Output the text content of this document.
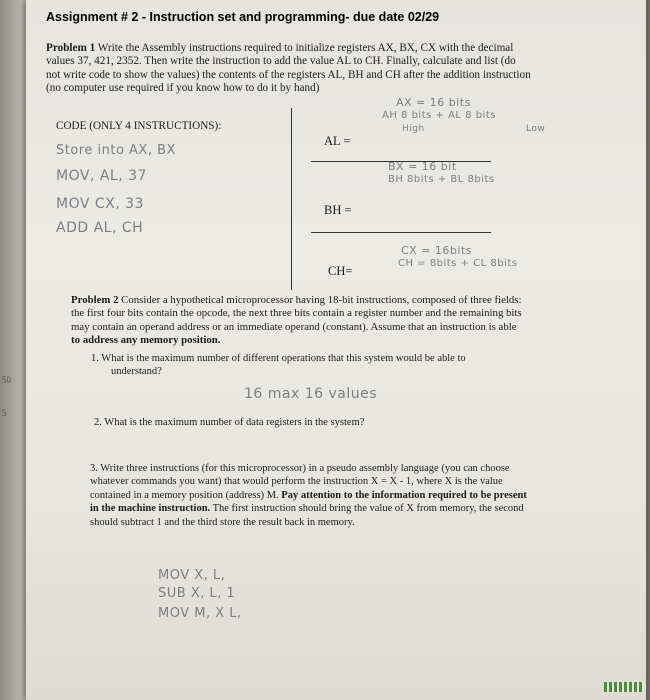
50
5
Assignment # 2 - Instruction set and programming- due date 02/29
Problem 1 Write the Assembly instructions required to initialize registers AX, BX, CX with the decimal
values 37, 421, 2352. Then write the instruction to add the value AL to CH. Finally, calculate and list (do
not write code to show the values) the contents of the registers AL, BH and CH after the addition instruction
(no computer use required if you know how to do it by hand)
CODE (ONLY 4 INSTRUCTIONS):
Store into AX, BX
MOV, AL, 37
MOV CX, 33
ADD AL, CH
AL =
BH =
CH=
AX = 16 bits
AH 8 bits + AL 8 bits
High	Low
BX = 16 bit
BH 8bits + BL 8bits
CX = 16bits
CH = 8bits + CL 8bits
Problem 2 Consider a hypothetical microprocessor having 18-bit instructions, composed of three fields:
the first four bits contain the opcode, the next three bits contain a register number and the remaining bits
may contain an operand address or an immediate operand (constant). Assume that an instruction is able
to address any memory position.
1. What is the maximum number of different operations that this system would be able to
understand?
16 max 16 values
2. What is the maximum number of data registers in the system?
3. Write three instructions (for this microprocessor) in a pseudo assembly language (you can choose
whatever commands you want) that would perform the instruction X = X - 1, where X is the value
contained in a memory position (address) M. Pay attention to the information required to be present
in the machine instruction. The first instruction should bring the value of X from memory, the second
should subtract 1 and the third store the result back in memory.
MOV X, L,
SUB X, L, 1
MOV M, X L,
